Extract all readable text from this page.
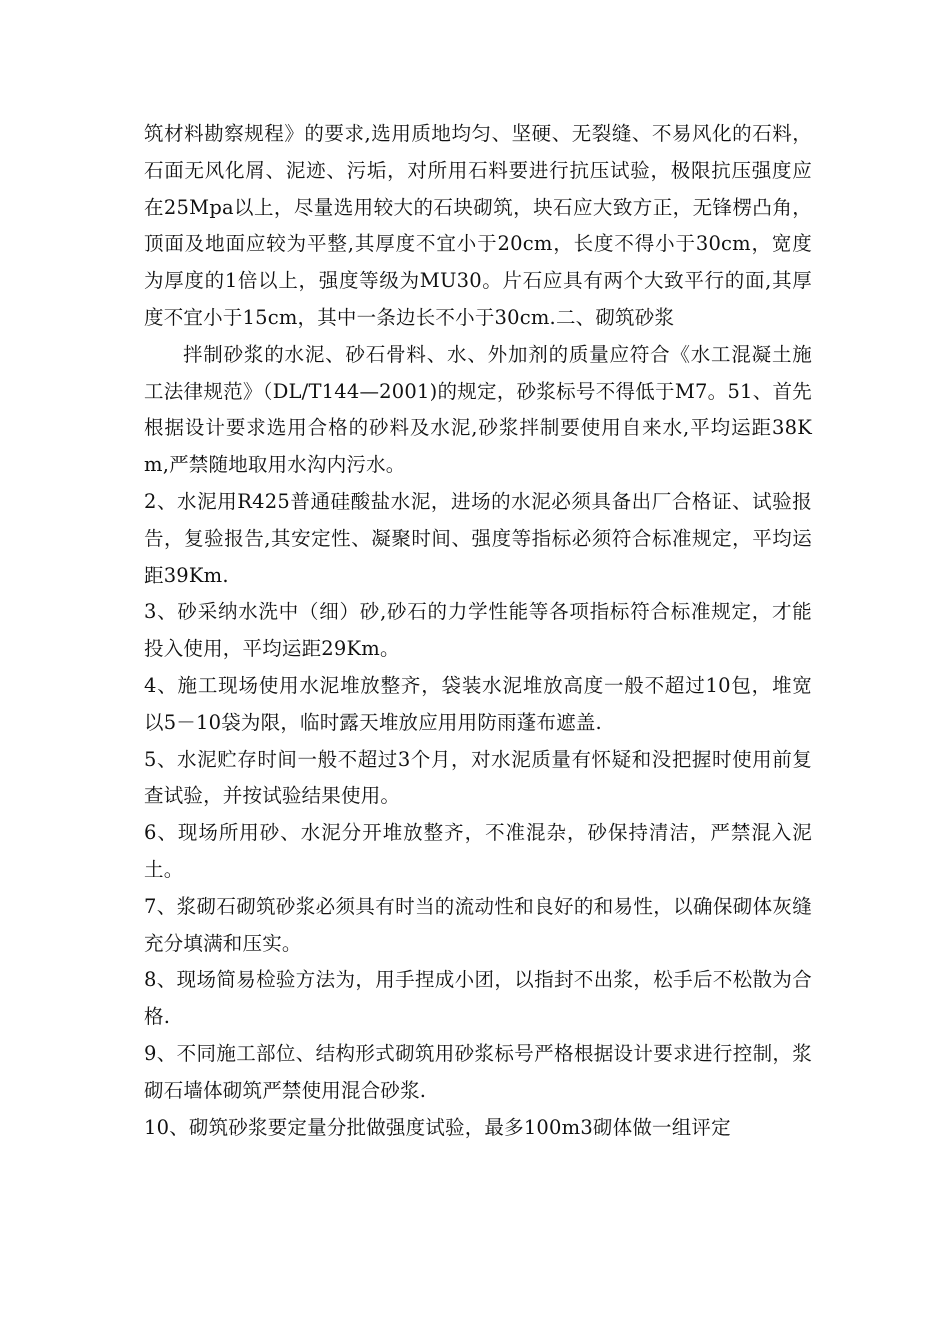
筑材料勘察规程》的要求,选用质地均匀、坚硬、无裂缝、不易风化的石料，石面无风化屑、泥迹、污垢，对所用石料要进行抗压试验，极限抗压强度应在25Mpa以上，尽量选用较大的石块砌筑，块石应大致方正，无锋楞凸角，顶面及地面应较为平整,其厚度不宜小于20cm，长度不得小于30cm，宽度为厚度的1倍以上，强度等级为MU30。片石应具有两个大致平行的面,其厚度不宜小于15cm，其中一条边长不小于30cm.二、砌筑砂浆

拌制砂浆的水泥、砂石骨料、水、外加剂的质量应符合《水工混凝土施工法律规范》（DL/T144—2001)的规定，砂浆标号不得低于M7。51、首先根据设计要求选用合格的砂料及水泥,砂浆拌制要使用自来水,平均运距38Km,严禁随地取用水沟内污水。

2、水泥用R425普通硅酸盐水泥，进场的水泥必须具备出厂合格证、试验报告，复验报告,其安定性、凝聚时间、强度等指标必须符合标准规定，平均运距39Km.

3、砂采纳水洗中（细）砂,砂石的力学性能等各项指标符合标准规定，才能投入使用，平均运距29Km。

4、施工现场使用水泥堆放整齐，袋装水泥堆放高度一般不超过10包，堆宽以5－10袋为限，临时露天堆放应用用防雨蓬布遮盖.

5、水泥贮存时间一般不超过3个月，对水泥质量有怀疑和没把握时使用前复查试验，并按试验结果使用。

6、现场所用砂、水泥分开堆放整齐，不准混杂，砂保持清洁，严禁混入泥土。

7、浆砌石砌筑砂浆必须具有时当的流动性和良好的和易性，以确保砌体灰缝充分填满和压实。

8、现场简易检验方法为，用手捏成小团，以指封不出浆，松手后不松散为合格.

9、不同施工部位、结构形式砌筑用砂浆标号严格根据设计要求进行控制，浆砌石墙体砌筑严禁使用混合砂浆.

10、砌筑砂浆要定量分批做强度试验，最多100m3砌体做一组评定
